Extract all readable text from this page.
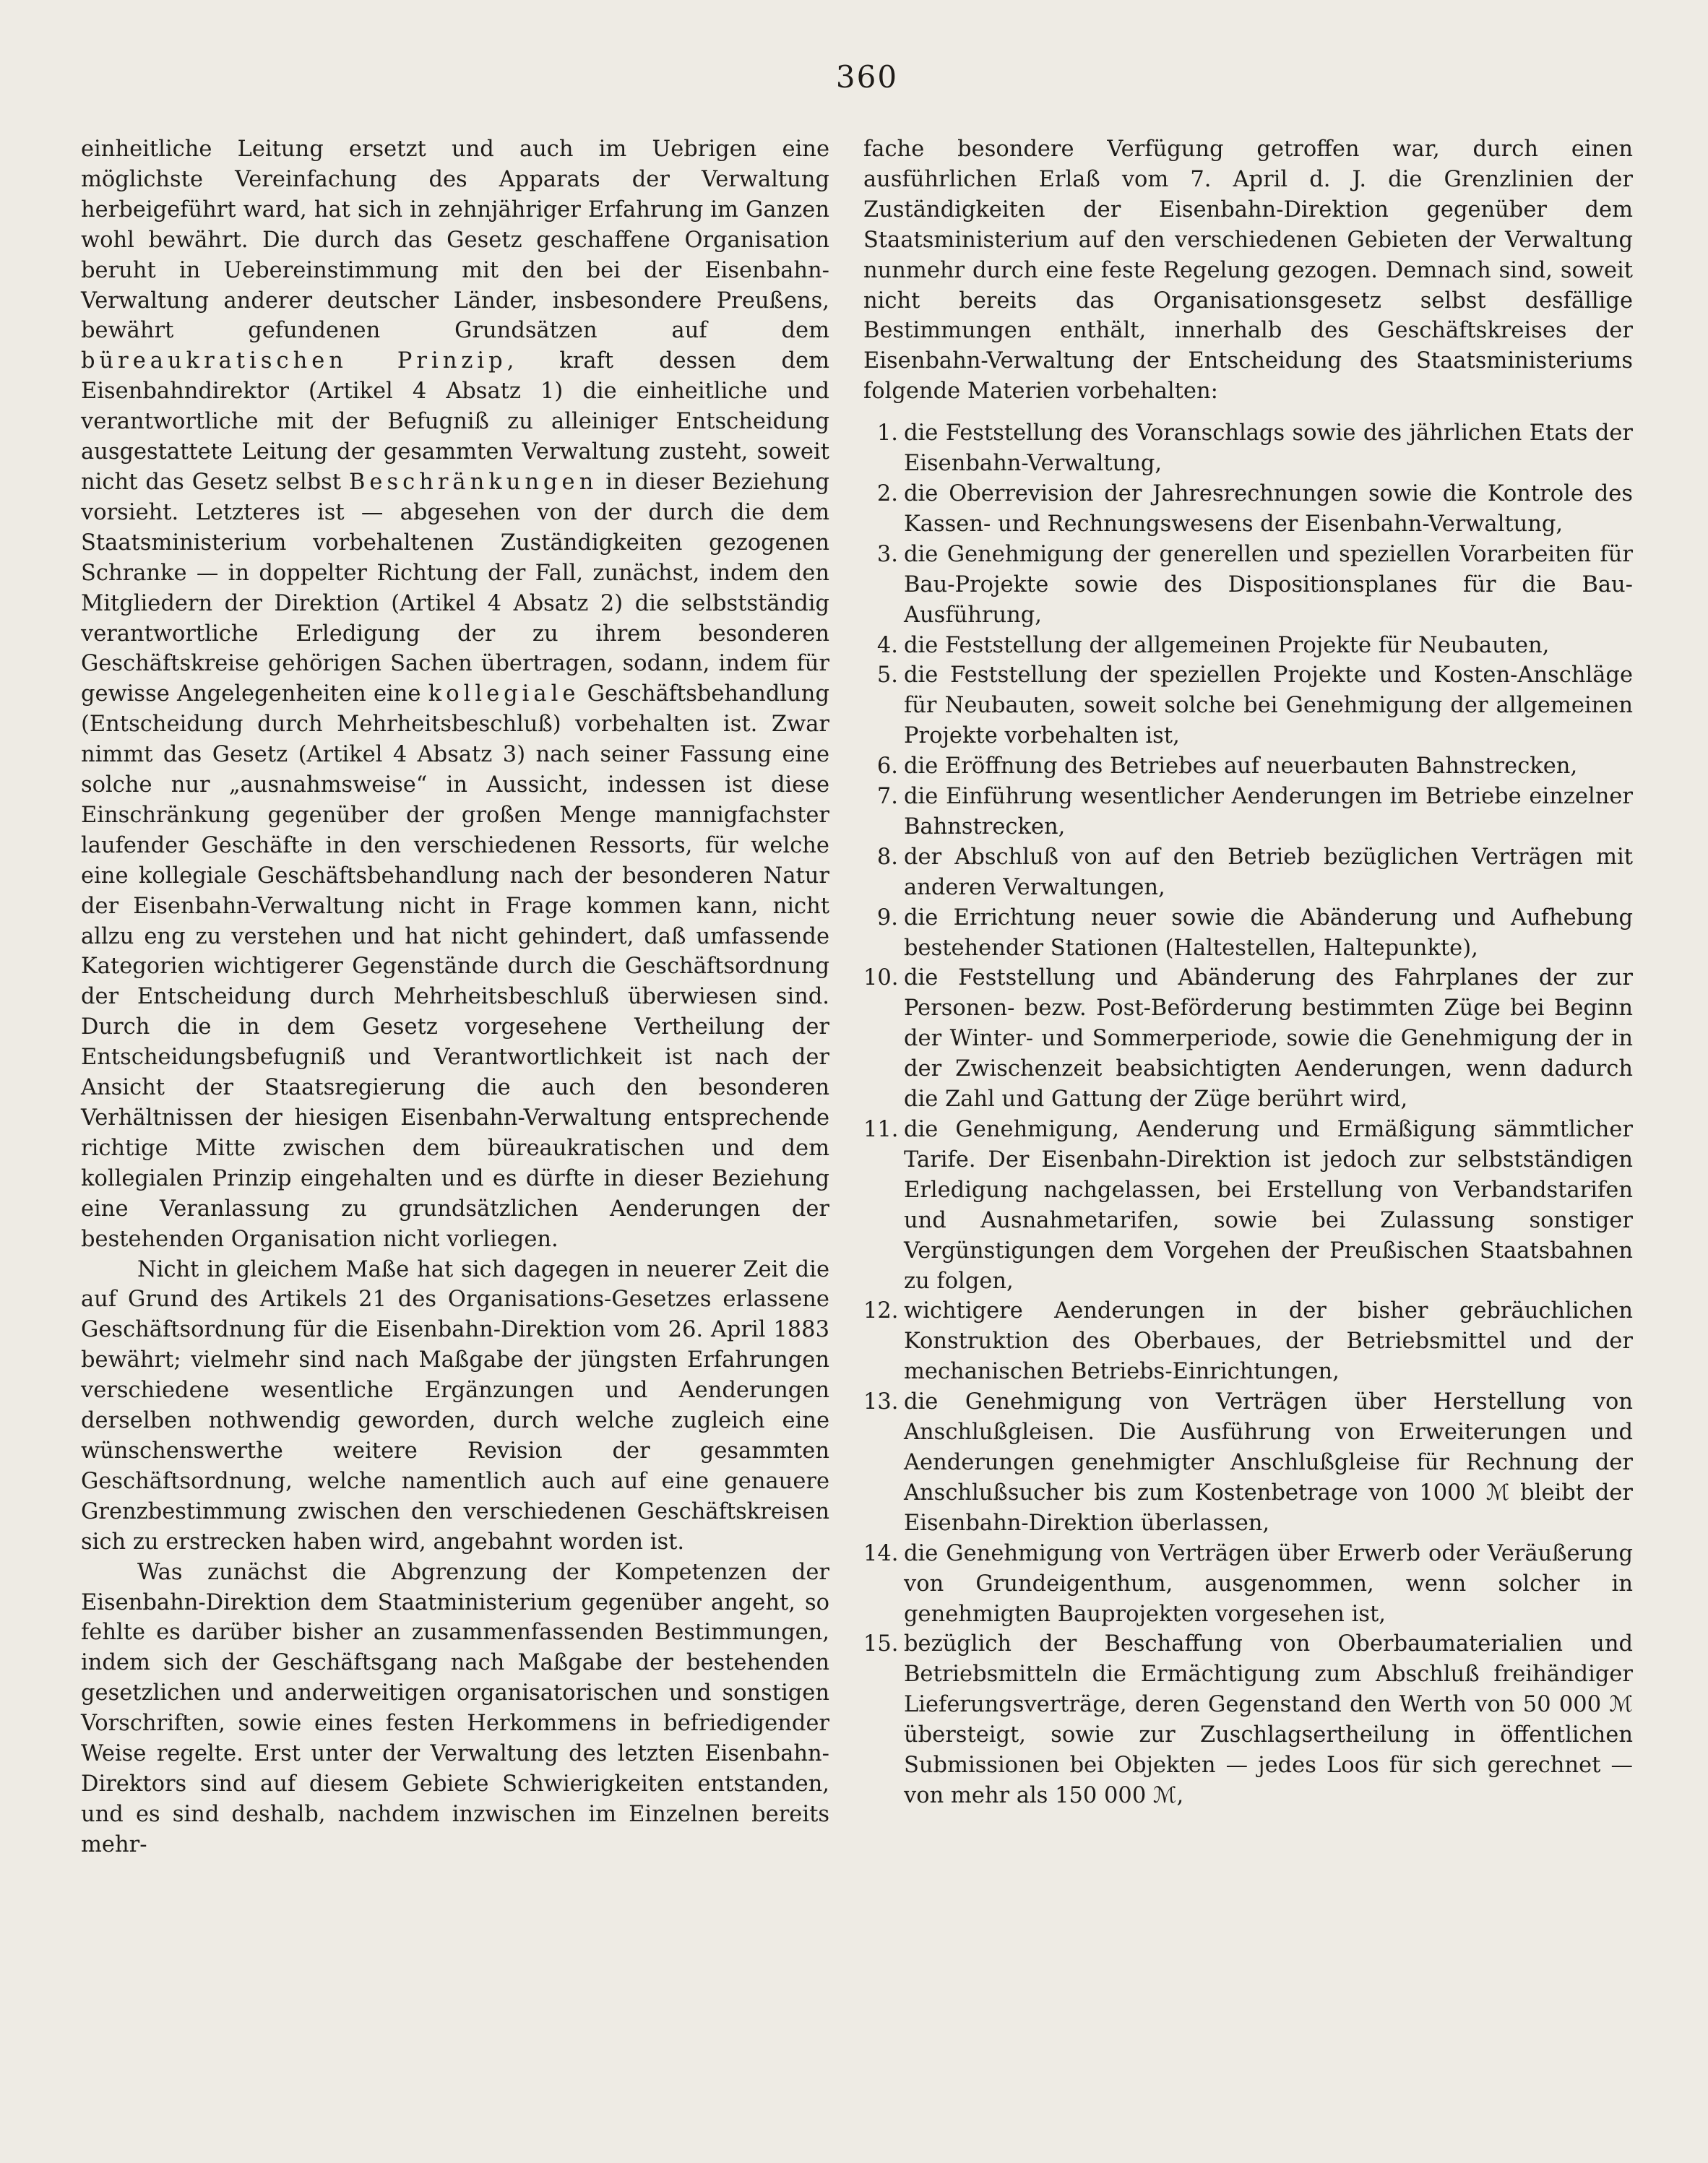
360

einheitliche Leitung ersetzt und auch im Uebrigen eine möglichste Vereinfachung des Apparats der Verwaltung herbeigeführt ward, hat sich in zehnjähriger Erfahrung im Ganzen wohl bewährt. Die durch das Gesetz geschaffene Organisation beruht in Uebereinstimmung mit den bei der Eisenbahn-Verwaltung anderer deutscher Länder, insbesondere Preußens, bewährt gefundenen Grundsätzen auf dem büreaukratischen Prinzip, kraft dessen dem Eisenbahndirektor (Artikel 4 Absatz 1) die einheitliche und verantwortliche mit der Befugniß zu alleiniger Entscheidung ausgestattete Leitung der gesammten Verwaltung zusteht, soweit nicht das Gesetz selbst Beschränkungen in dieser Beziehung vorsieht. Letzteres ist — abgesehen von der durch die dem Staatsministerium vorbehaltenen Zuständigkeiten gezogenen Schranke — in doppelter Richtung der Fall, zunächst, indem den Mitgliedern der Direktion (Artikel 4 Absatz 2) die selbstständig verantwortliche Erledigung der zu ihrem besonderen Geschäftskreise gehörigen Sachen übertragen, sodann, indem für gewisse Angelegenheiten eine kollegiale Geschäftsbehandlung (Entscheidung durch Mehrheitsbeschluß) vorbehalten ist. Zwar nimmt das Gesetz (Artikel 4 Absatz 3) nach seiner Fassung eine solche nur „ausnahmsweise“ in Aussicht, indessen ist diese Einschränkung gegenüber der großen Menge mannigfachster laufender Geschäfte in den verschiedenen Ressorts, für welche eine kollegiale Geschäftsbehandlung nach der besonderen Natur der Eisenbahn-Verwaltung nicht in Frage kommen kann, nicht allzu eng zu verstehen und hat nicht gehindert, daß umfassende Kategorien wichtigerer Gegenstände durch die Geschäftsordnung der Entscheidung durch Mehrheitsbeschluß überwiesen sind. Durch die in dem Gesetz vorgesehene Vertheilung der Entscheidungsbefugniß und Verantwortlichkeit ist nach der Ansicht der Staatsregierung die auch den besonderen Verhältnissen der hiesigen Eisenbahn-Verwaltung entsprechende richtige Mitte zwischen dem büreaukratischen und dem kollegialen Prinzip eingehalten und es dürfte in dieser Beziehung eine Veranlassung zu grundsätzlichen Aenderungen der bestehenden Organisation nicht vorliegen.

Nicht in gleichem Maße hat sich dagegen in neuerer Zeit die auf Grund des Artikels 21 des Organisations-Gesetzes erlassene Geschäftsordnung für die Eisenbahn-Direktion vom 26. April 1883 bewährt; vielmehr sind nach Maßgabe der jüngsten Erfahrungen verschiedene wesentliche Ergänzungen und Aenderungen derselben nothwendig geworden, durch welche zugleich eine wünschenswerthe weitere Revision der gesammten Geschäftsordnung, welche namentlich auch auf eine genauere Grenzbestimmung zwischen den verschiedenen Geschäftskreisen sich zu erstrecken haben wird, angebahnt worden ist.

Was zunächst die Abgrenzung der Kompetenzen der Eisenbahn-Direktion dem Staatministerium gegenüber angeht, so fehlte es darüber bisher an zusammenfassenden Bestimmungen, indem sich der Geschäftsgang nach Maßgabe der bestehenden gesetzlichen und anderweitigen organisatorischen und sonstigen Vorschriften, sowie eines festen Herkommens in befriedigender Weise regelte. Erst unter der Verwaltung des letzten Eisenbahn-Direktors sind auf diesem Gebiete Schwierigkeiten entstanden, und es sind deshalb, nachdem inzwischen im Einzelnen bereits mehr-

fache besondere Verfügung getroffen war, durch einen ausführlichen Erlaß vom 7. April d. J. die Grenzlinien der Zuständigkeiten der Eisenbahn-Direktion gegenüber dem Staatsministerium auf den verschiedenen Gebieten der Verwaltung nunmehr durch eine feste Regelung gezogen. Demnach sind, soweit nicht bereits das Organisationsgesetz selbst desfällige Bestimmungen enthält, innerhalb des Geschäftskreises der Eisenbahn-Verwaltung der Entscheidung des Staatsministeriums folgende Materien vorbehalten:

1. die Feststellung des Voranschlags sowie des jährlichen Etats der Eisenbahn-Verwaltung,
2. die Oberrevision der Jahresrechnungen sowie die Kontrole des Kassen- und Rechnungswesens der Eisenbahn-Verwaltung,
3. die Genehmigung der generellen und speziellen Vorarbeiten für Bau-Projekte sowie des Dispositionsplanes für die Bau-Ausführung,
4. die Feststellung der allgemeinen Projekte für Neubauten,
5. die Feststellung der speziellen Projekte und Kosten-Anschläge für Neubauten, soweit solche bei Genehmigung der allgemeinen Projekte vorbehalten ist,
6. die Eröffnung des Betriebes auf neuerbauten Bahnstrecken,
7. die Einführung wesentlicher Aenderungen im Betriebe einzelner Bahnstrecken,
8. der Abschluß von auf den Betrieb bezüglichen Verträgen mit anderen Verwaltungen,
9. die Errichtung neuer sowie die Abänderung und Aufhebung bestehender Stationen (Haltestellen, Haltepunkte),
10. die Feststellung und Abänderung des Fahrplanes der zur Personen- bezw. Post-Beförderung bestimmten Züge bei Beginn der Winter- und Sommerperiode, sowie die Genehmigung der in der Zwischenzeit beabsichtigten Aenderungen, wenn dadurch die Zahl und Gattung der Züge berührt wird,
11. die Genehmigung, Aenderung und Ermäßigung sämmtlicher Tarife. Der Eisenbahn-Direktion ist jedoch zur selbstständigen Erledigung nachgelassen, bei Erstellung von Verbandstarifen und Ausnahmetarifen, sowie bei Zulassung sonstiger Vergünstigungen dem Vorgehen der Preußischen Staatsbahnen zu folgen,
12. wichtigere Aenderungen in der bisher gebräuchlichen Konstruktion des Oberbaues, der Betriebsmittel und der mechanischen Betriebs-Einrichtungen,
13. die Genehmigung von Verträgen über Herstellung von Anschlußgleisen. Die Ausführung von Erweiterungen und Aenderungen genehmigter Anschlußgleise für Rechnung der Anschlußsucher bis zum Kostenbetrage von 1000 ℳ bleibt der Eisenbahn-Direktion überlassen,
14. die Genehmigung von Verträgen über Erwerb oder Veräußerung von Grundeigenthum, ausgenommen, wenn solcher in genehmigten Bauprojekten vorgesehen ist,
15. bezüglich der Beschaffung von Oberbaumaterialien und Betriebsmitteln die Ermächtigung zum Abschluß freihändiger Lieferungsverträge, deren Gegenstand den Werth von 50 000 ℳ übersteigt, sowie zur Zuschlagsertheilung in öffentlichen Submissionen bei Objekten — jedes Loos für sich gerechnet — von mehr als 150 000 ℳ,
